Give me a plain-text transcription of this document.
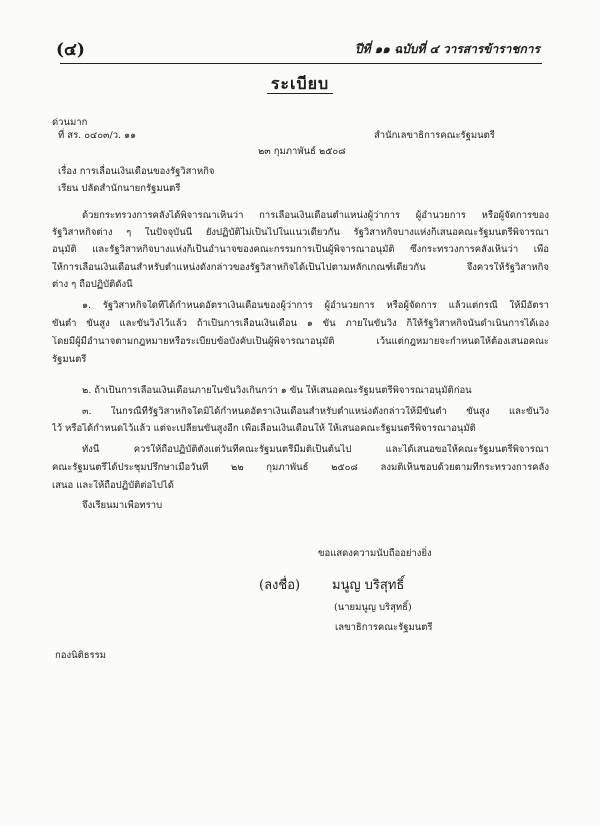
(๔)	ปีที่ ๑๑ ฉบับที่ ๔ วารสารข้าราชการ
ระเบียบ
ด่วนมาก
ที่ สร. ๐๔๐๓/ว. ๑๑	สำนักเลขาธิการคณะรัฐมนตรี
๒๓ กุมภาพันธ์ ๒๕๐๘
เรื่อง การเลื่อนเงินเดือนของรัฐวิสาหกิจ
เรียน ปลัดสำนักนายกรัฐมนตรี
ด้วยกระทรวงการคลังได้พิจารณาเห็นว่า การเลื่อนเงินเดือนตำแหน่งผู้ว่าการ ผู้อำนวยการ หรือผู้จัดการของ
รัฐวิสาหกิจต่าง ๆ ในปัจจุบันนี้ ยังปฏิบัติไม่เป็นไปในแนวเดียวกัน รัฐวิสาหกิจบางแห่งก็เสนอคณะรัฐมนตรีพิจารณา
อนุมัติ และรัฐวิสาหกิจบางแห่งก็เป็นอำนาจของคณะกรรมการเป็นผู้พิจารณาอนุมัติ ซึ่งกระทรวงการคลังเห็นว่า เพื่อ
ให้การเลื่อนเงินเดือนสำหรับตำแหน่งดังกล่าวของรัฐวิสาหกิจได้เป็นไปตามหลักเกณฑ์เดียวกัน จึงควรให้รัฐวิสาหกิจ
ต่าง ๆ ถือปฏิบัติดังนี้
๑. รัฐวิสาหกิจใดที่ได้กำหนดอัตราเงินเดือนของผู้ว่าการ ผู้อำนวยการ หรือผู้จัดการ แล้วแต่กรณี ให้มีอัตรา
ขั้นต่ำ ขั้นสูง และขั้นวิ่งไว้แล้ว ถ้าเป็นการเลื่อนเงินเดือน ๑ ขั้น ภายในขั้นวิ่ง ก็ให้รัฐวิสาหกิจนั้นดำเนินการได้เอง
โดยมีผู้มีอำนาจตามกฎหมายหรือระเบียบข้อบังคับเป็นผู้พิจารณาอนุมัติ เว้นแต่กฎหมายจะกำหนดให้ต้องเสนอคณะ
รัฐมนตรี
๒. ถ้าเป็นการเลื่อนเงินเดือนภายในขั้นวิ่งเกินกว่า ๑ ขั้น ให้เสนอคณะรัฐมนตรีพิจารณาอนุมัติก่อน
๓. ในกรณีที่รัฐวิสาหกิจใดมิได้กำหนดอัตราเงินเดือนสำหรับตำแหน่งดังกล่าวให้มีขั้นต่ำ ขั้นสูง และขั้นวิ่ง
ไว้ หรือได้กำหนดไว้แล้ว แต่จะเปลี่ยนขั้นสูงอีก เพื่อเลื่อนเงินเดือนให้ ให้เสนอคณะรัฐมนตรีพิจารณาอนุมัติ
ทั้งนี้ ควรให้ถือปฏิบัติตั้งแต่วันที่คณะรัฐมนตรีมีมติเป็นต้นไป และได้เสนอขอให้คณะรัฐมนตรีพิจารณา
คณะรัฐมนตรีได้ประชุมปรึกษาเมื่อวันที่ ๒๒ กุมภาพันธ์ ๒๕๐๘ ลงมติเห็นชอบด้วยตามที่กระทรวงการคลัง
เสนอ และให้ถือปฏิบัติต่อไปได้
จึงเรียนมาเพื่อทราบ
ขอแสดงความนับถืออย่างยิ่ง
(ลงชื่อ) มนูญ บริสุทธิ์
(นายมนูญ บริสุทธิ์)
เลขาธิการคณะรัฐมนตรี
กองนิติธรรม
